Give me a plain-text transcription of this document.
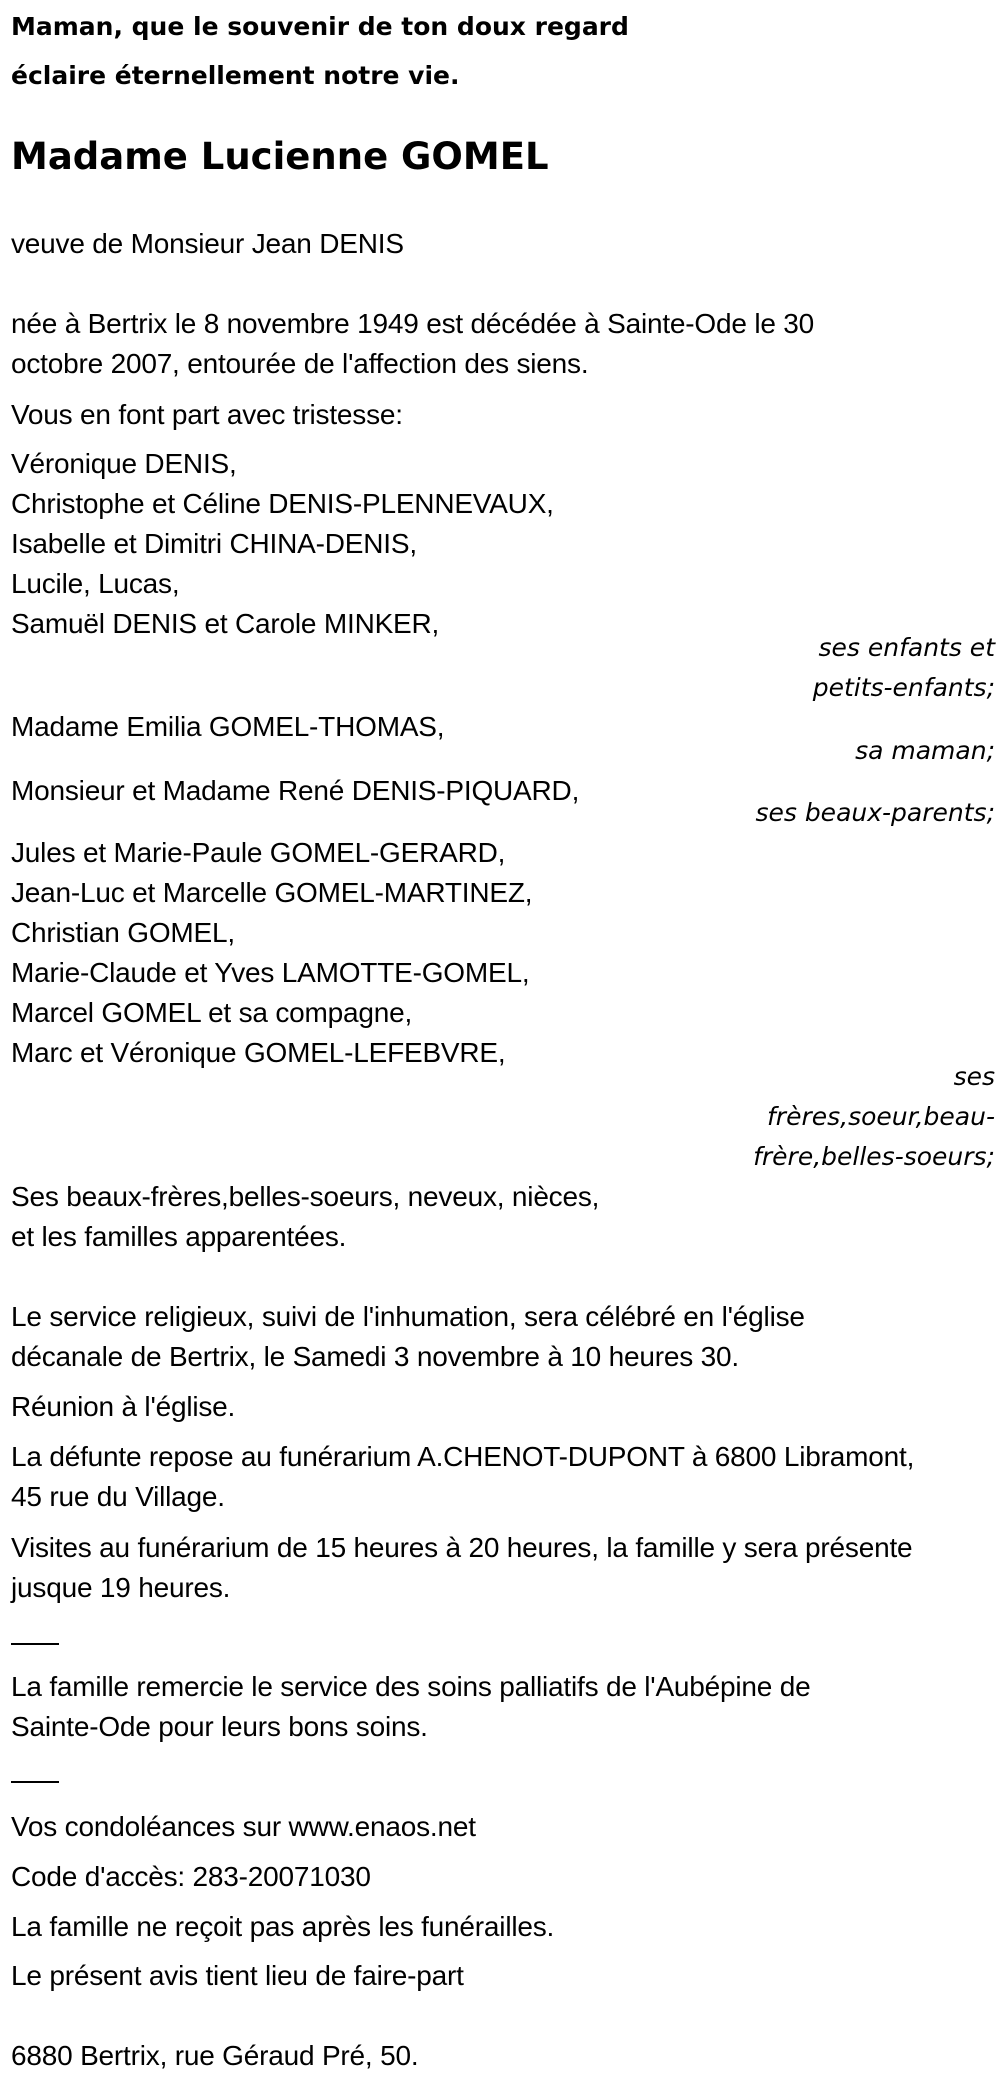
Maman, que le souvenir de ton doux regard
éclaire éternellement notre vie.
Madame Lucienne GOMEL
veuve de Monsieur Jean DENIS
née à Bertrix le 8 novembre 1949 est décédée à Sainte-Ode le 30
octobre 2007, entourée de l'affection des siens.
Vous en font part avec tristesse:
Véronique DENIS,
Christophe et Céline DENIS-PLENNEVAUX,
Isabelle et Dimitri CHINA-DENIS,
Lucile, Lucas,
Samuël DENIS et Carole MINKER,
ses enfants et
petits-enfants;
Madame Emilia GOMEL-THOMAS,
sa maman;
Monsieur et Madame René DENIS-PIQUARD,
ses beaux-parents;
Jules et Marie-Paule GOMEL-GERARD,
Jean-Luc et Marcelle GOMEL-MARTINEZ,
Christian GOMEL,
Marie-Claude et Yves LAMOTTE-GOMEL,
Marcel GOMEL et sa compagne,
Marc et Véronique GOMEL-LEFEBVRE,
ses
frères,soeur,beau-
frère,belles-soeurs;
Ses beaux-frères,belles-soeurs, neveux, nièces,
et les familles apparentées.
Le service religieux, suivi de l'inhumation, sera célébré en l'église
décanale de Bertrix, le Samedi 3 novembre à 10 heures 30.
Réunion à l'église.
La défunte repose au funérarium A.CHENOT-DUPONT à 6800 Libramont,
45 rue du Village.
Visites au funérarium de 15 heures à 20 heures, la famille y sera présente
jusque 19 heures.
La famille remercie le service des soins palliatifs de l'Aubépine de
Sainte-Ode pour leurs bons soins.
Vos condoléances sur www.enaos.net
Code d'accès: 283-20071030
La famille ne reçoit pas après les funérailles.
Le présent avis tient lieu de faire-part
6880 Bertrix, rue Géraud Pré, 50.
